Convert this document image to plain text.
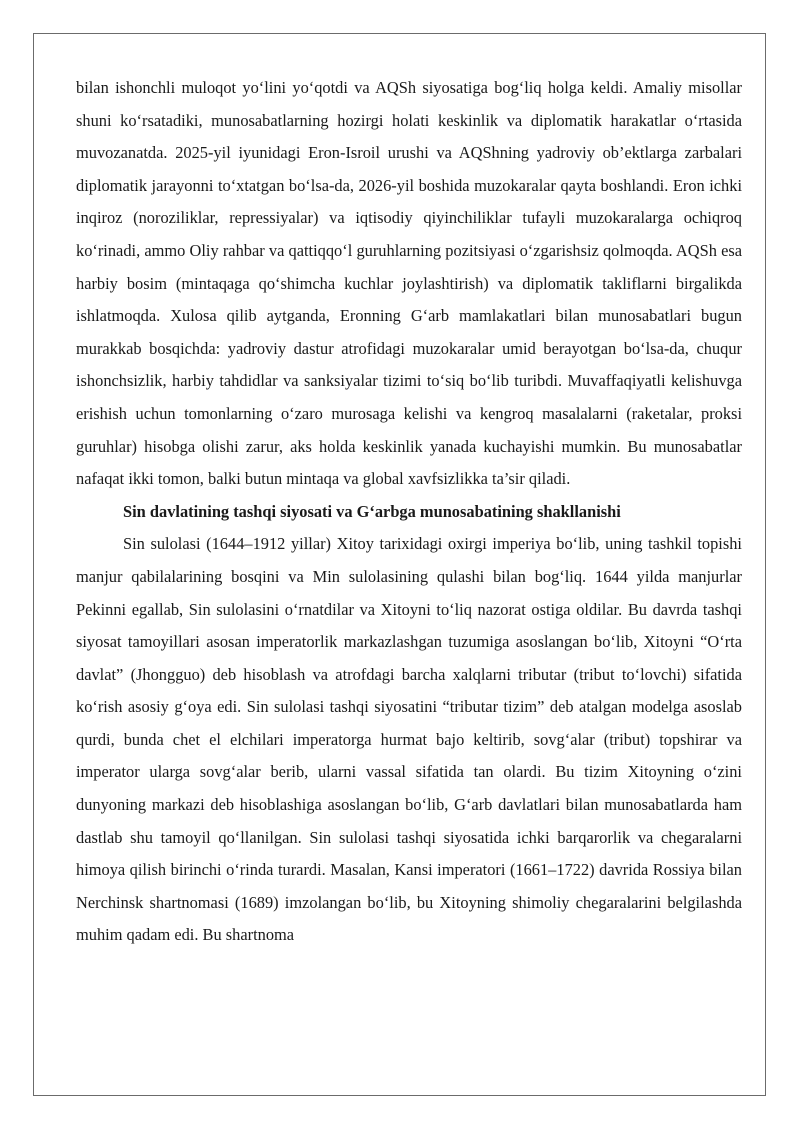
bilan ishonchli muloqot yo‘lini yo‘qotdi va AQSh siyosatiga bog‘liq holga keldi. Amaliy misollar shuni ko‘rsatadiki, munosabatlarning hozirgi holati keskinlik va diplomatik harakatlar o‘rtasida muvozanatda. 2025-yil iyunidagi Eron-Isroil urushi va AQShning yadroviy ob’ektlarga zarbalari diplomatik jarayonni to‘xtatgan bo‘lsa-da, 2026-yil boshida muzokaralar qayta boshlandi. Eron ichki inqiroz (noroziliklar, repressiyalar) va iqtisodiy qiyinchiliklar tufayli muzokaralarga ochiqroq ko‘rinadi, ammo Oliy rahbar va qattiqqo‘l guruhlarning pozitsiyasi o‘zgarishsiz qolmoqda. AQSh esa harbiy bosim (mintaqaga qo‘shimcha kuchlar joylashtirish) va diplomatik takliflarni birgalikda ishlatmoqda. Xulosa qilib aytganda, Eronning G‘arb mamlakatlari bilan munosabatlari bugun murakkab bosqichda: yadroviy dastur atrofidagi muzokaralar umid berayotgan bo‘lsa-da, chuqur ishonchsizlik, harbiy tahdidlar va sanksiyalar tizimi to‘siq bo‘lib turibdi. Muvaffaqiyatli kelishuvga erishish uchun tomonlarning o‘zaro murosaga kelishi va kengroq masalalarni (raketalar, proksi guruhlar) hisobga olishi zarur, aks holda keskinlik yanada kuchayishi mumkin. Bu munosabatlar nafaqat ikki tomon, balki butun mintaqa va global xavfsizlikka ta’sir qiladi.

Sin davlatining tashqi siyosati va G‘arbga munosabatining shakllanishi

Sin sulolasi (1644–1912 yillar) Xitoy tarixidagi oxirgi imperiya bo‘lib, uning tashkil topishi manjur qabilalarining bosqini va Min sulolasining qulashi bilan bog‘liq. 1644 yilda manjurlar Pekinni egallab, Sin sulolasini o‘rnatdilar va Xitoyni to‘liq nazorat ostiga oldilar. Bu davrda tashqi siyosat tamoyillari asosan imperatorlik markazlashgan tuzumiga asoslangan bo‘lib, Xitoyni “O‘rta davlat” (Jhongguo) deb hisoblash va atrofdagi barcha xalqlarni tributar (tribut to‘lovchi) sifatida ko‘rish asosiy g‘oya edi. Sin sulolasi tashqi siyosatini “tributar tizim” deb atalgan modelga asoslab qurdi, bunda chet el elchilari imperatorga hurmat bajo keltirib, sovg‘alar (tribut) topshirar va imperator ularga sovg‘alar berib, ularni vassal sifatida tan olardi. Bu tizim Xitoyning o‘zini dunyoning markazi deb hisoblashiga asoslangan bo‘lib, G‘arb davlatlari bilan munosabatlarda ham dastlab shu tamoyil qo‘llanilgan. Sin sulolasi tashqi siyosatida ichki barqarorlik va chegaralarni himoya qilish birinchi o‘rinda turardi. Masalan, Kansi imperatori (1661–1722) davrida Rossiya bilan Nerchinsk shartnomasi (1689) imzolangan bo‘lib, bu Xitoyning shimoliy chegaralarini belgilashda muhim qadam edi. Bu shartnoma
